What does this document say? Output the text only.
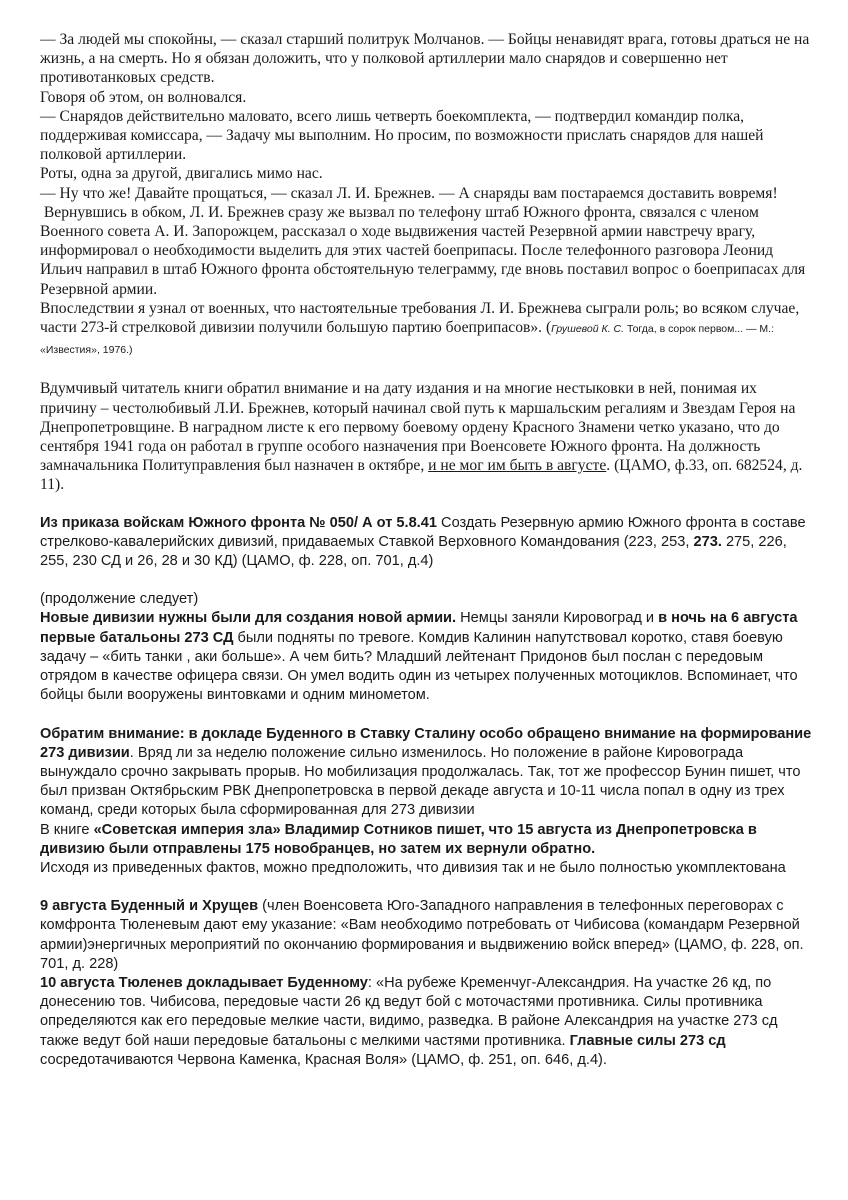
— За людей мы спокойны, — сказал старший политрук Молчанов. — Бойцы ненавидят врага, готовы драться не на жизнь, а на смерть. Но я обязан доложить, что у полковой артиллерии мало снарядов и совершенно нет противотанковых средств.

Говоря об этом, он волновался.

— Снарядов действительно маловато, всего лишь четверть боекомплекта, — подтвердил командир полка, поддерживая комиссара, — Задачу мы выполним. Но просим, по возможности прислать снарядов для нашей полковой артиллерии.

Роты, одна за другой, двигались мимо нас.

— Ну что же! Давайте прощаться, — сказал Л. И. Брежнев. — А снаряды вам постараемся доставить вовремя!

Вернувшись в обком, Л. И. Брежнев сразу же вызвал по телефону штаб Южного фронта, связался с членом Военного совета А. И. Запорожцем, рассказал о ходе выдвижения частей Резервной армии навстречу врагу, информировал о необходимости выделить для этих частей боеприпасы. После телефонного разговора Леонид Ильич направил в штаб Южного фронта обстоятельную телеграмму, где вновь поставил вопрос о боеприпасах для Резервной армии.

Впоследствии я узнал от военных, что настоятельные требования Л. И. Брежнева сыграли роль; во всяком случае, части 273-й стрелковой дивизии получили большую партию боеприпасов». (Грушевой К. С. Тогда, в сорок первом... — М.: «Известия», 1976.)

Вдумчивый читатель книги обратил внимание и на дату издания и на многие нестыковки в ней, понимая их причину – честолюбивый Л.И. Брежнев, который начинал свой путь к маршальским регалиям и Звездам Героя на Днепропетровщине. В наградном листе к его первому боевому ордену Красного Знамени четко указано, что до сентября 1941 года он работал в группе особого назначения при Военсовете Южного фронта. На должность замначальника Политуправления был назначен в октябре, и не мог им быть в августе. (ЦАМО, ф.33, оп. 682524, д. 11).

Из приказа войскам Южного фронта № 050/ А от 5.8.41 Создать Резервную армию Южного фронта в составе стрелково-кавалерийских дивизий, придаваемых Ставкой Верховного Командования (223, 253, 273. 275, 226, 255, 230 СД и 26, 28 и 30 КД) (ЦАМО, ф. 228, оп. 701, д.4)

(продолжение следует)

Новые дивизии нужны были для создания новой армии. Немцы заняли Кировоград и в ночь на 6 августа первые батальоны 273 СД были подняты по тревоге. Комдив Калинин напутствовал коротко, ставя боевую задачу – «бить танки , аки больше». А чем бить? Младший лейтенант Придонов был послан с передовым отрядом в качестве офицера связи. Он умел водить один из четырех полученных мотоциклов. Вспоминает, что бойцы были вооружены винтовками и одним минометом.

Обратим внимание: в докладе Буденного в Ставку Сталину особо обращено внимание на формирование 273 дивизии. Вряд ли за неделю положение сильно изменилось. Но положение в районе Кировограда вынуждало срочно закрывать прорыв. Но мобилизация продолжалась. Так, тот же профессор Бунин пишет, что был призван Октябрьским РВК Днепропетровска в первой декаде августа и 10-11 числа попал в одну из трех команд, среди которых была сформированная для 273 дивизии

В книге «Советская империя зла» Владимир Сотников пишет, что 15 августа из Днепропетровска в дивизию были отправлены 175 новобранцев, но затем их вернули обратно.

Исходя из приведенных фактов, можно предположить, что дивизия так и не было полностью укомплектована

9 августа Буденный и Хрущев (член Военсовета Юго-Западного направления в телефонных переговорах с комфронта Тюленевым дают ему указание: «Вам необходимо потребовать от Чибисова (командарм Резервной армии)энергичных мероприятий по окончанию формирования и выдвижению войск вперед» (ЦАМО, ф. 228, оп. 701, д. 228)

10 августа Тюленев докладывает Буденному: «На рубеже Кременчуг-Александрия. На участке 26 кд, по донесению тов. Чибисова, передовые части 26 кд ведут бой с моточастями противника. Силы противника определяются как его передовые мелкие части, видимо, разведка. В районе Александрия на участке 273 сд также ведут бой наши передовые батальоны с мелкими частями противника. Главные силы 273 сд сосредотачиваются Червона Каменка, Красная Воля» (ЦАМО, ф. 251, оп. 646, д.4).
